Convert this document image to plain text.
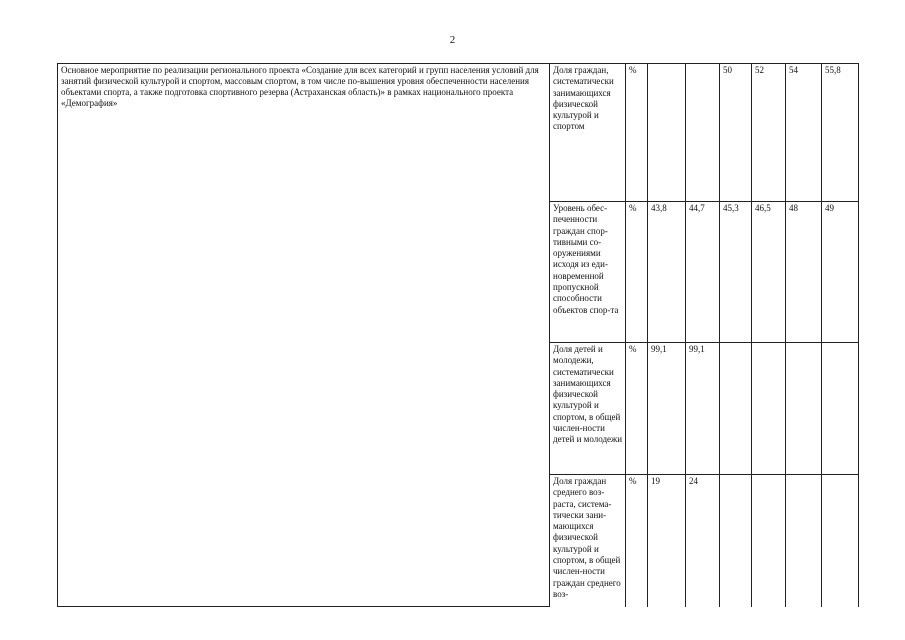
2
Основное мероприятие по реализации регионального проекта «Создание для всех категорий и групп населения условий для занятий физической культурой и спортом, массовым спортом, в том числе по-вышения уровня обеспеченности населения объектами спорта, а также подготовка спортивного резерва (Астраханская область)» в рамках национального проекта «Демография»	Доля граждан, систематически занимающихся физической культурой и спортом	%			50	52	54	55,8
	Уровень обес-печенности граждан спор-тивными со-оружениями исходя из еди-новременной пропускной способности объектов спор-та	%	43,8	44,7	45,3	46,5	48	49
	Доля детей и молодежи, систематически занимающихся физической культурой и спортом, в общей числен-ности детей и молодежи	%	99,1	99,1				
	Доля граждан среднего воз-раста, система-тически зани-мающихся физической культурой и спортом, в общей числен-ности граждан среднего воз-	%	19	24				
